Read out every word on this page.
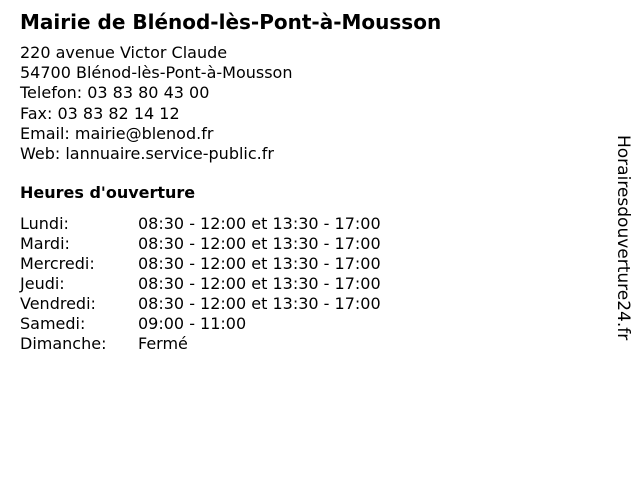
Mairie de Blénod-lès-Pont-à-Mousson
220 avenue Victor Claude
54700 Blénod-lès-Pont-à-Mousson
Telefon: 03 83 80 43 00
Fax: 03 83 82 14 12
Email: mairie@blenod.fr
Web: lannuaire.service-public.fr
Heures d'ouverture
Lundi:	08:30 - 12:00 et 13:30 - 17:00
Mardi:	08:30 - 12:00 et 13:30 - 17:00
Mercredi:	08:30 - 12:00 et 13:30 - 17:00
Jeudi:	08:30 - 12:00 et 13:30 - 17:00
Vendredi:	08:30 - 12:00 et 13:30 - 17:00
Samedi:	09:00 - 11:00
Dimanche: Fermé
Horairesdouverture24.fr
